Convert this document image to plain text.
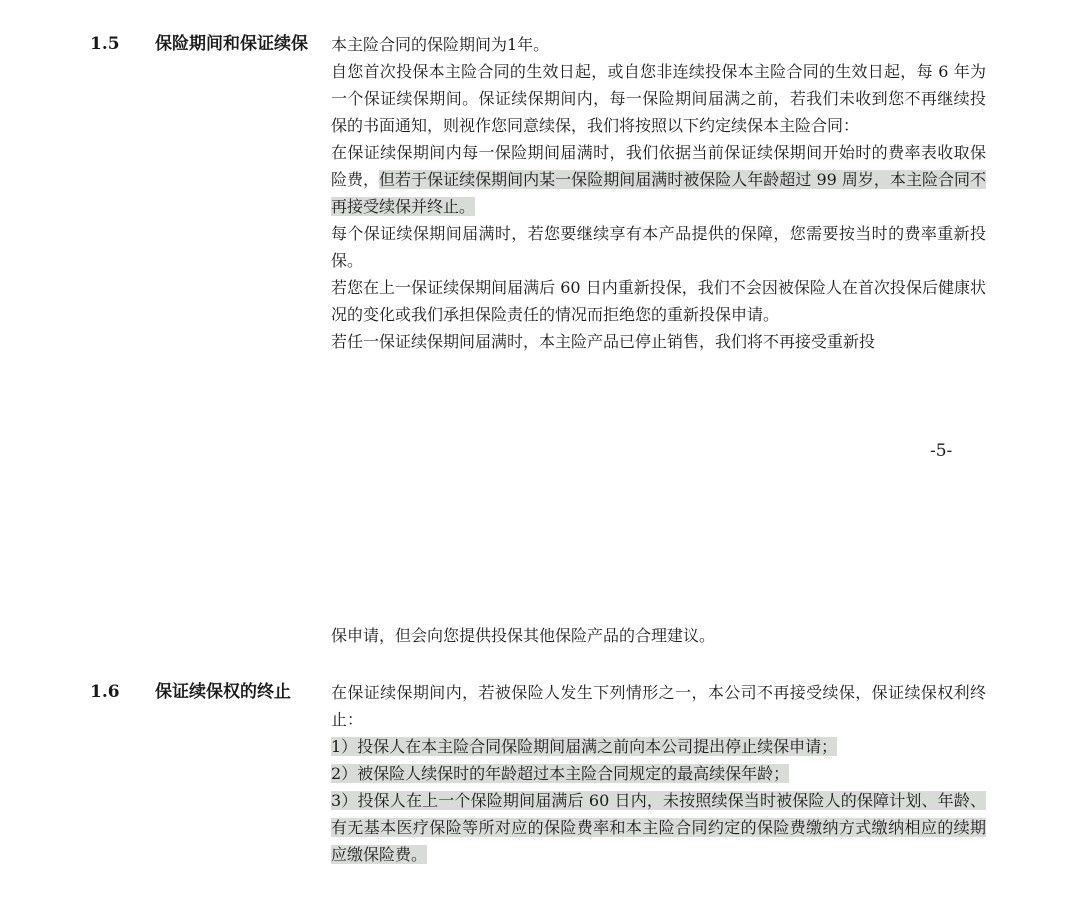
1.5 保险期间和保证续保	本主险合同的保险期间为1年。

自您首次投保本主险合同的生效日起，或自您非连续投保本主险合同的生效日起，每 6 年为一个保证续保期间。保证续保期间内，每一保险期间届满之前，若我们未收到您不再继续投保的书面通知，则视作您同意续保，我们将按照以下约定续保本主险合同：

在保证续保期间内每一保险期间届满时，我们依据当前保证续保期间开始时的费率表收取保险费，但若于保证续保期间内某一保险期间届满时被保险人年龄超过 99 周岁，本主险合同不再接受续保并终止。

每个保证续保期间届满时，若您要继续享有本产品提供的保障，您需要按当时的费率重新投保。

若您在上一保证续保期间届满后 60 日内重新投保，我们不会因被保险人在首次投保后健康状况的变化或我们承担保险责任的情况而拒绝您的重新投保申请。

若任一保证续保期间届满时，本主险产品已停止销售，我们将不再接受重新投

-5-

保申请，但会向您提供投保其他保险产品的合理建议。

1.6 保证续保权的终止	在保证续保期间内，若被保险人发生下列情形之一，本公司不再接受续保，保证续保权利终止：

1）投保人在本主险合同保险期间届满之前向本公司提出停止续保申请；

2）被保险人续保时的年龄超过本主险合同规定的最高续保年龄；

3）投保人在上一个保险期间届满后 60 日内，未按照续保当时被保险人的保障计划、年龄、有无基本医疗保险等所对应的保险费率和本主险合同约定的保险费缴纳方式缴纳相应的续期应缴保险费。
